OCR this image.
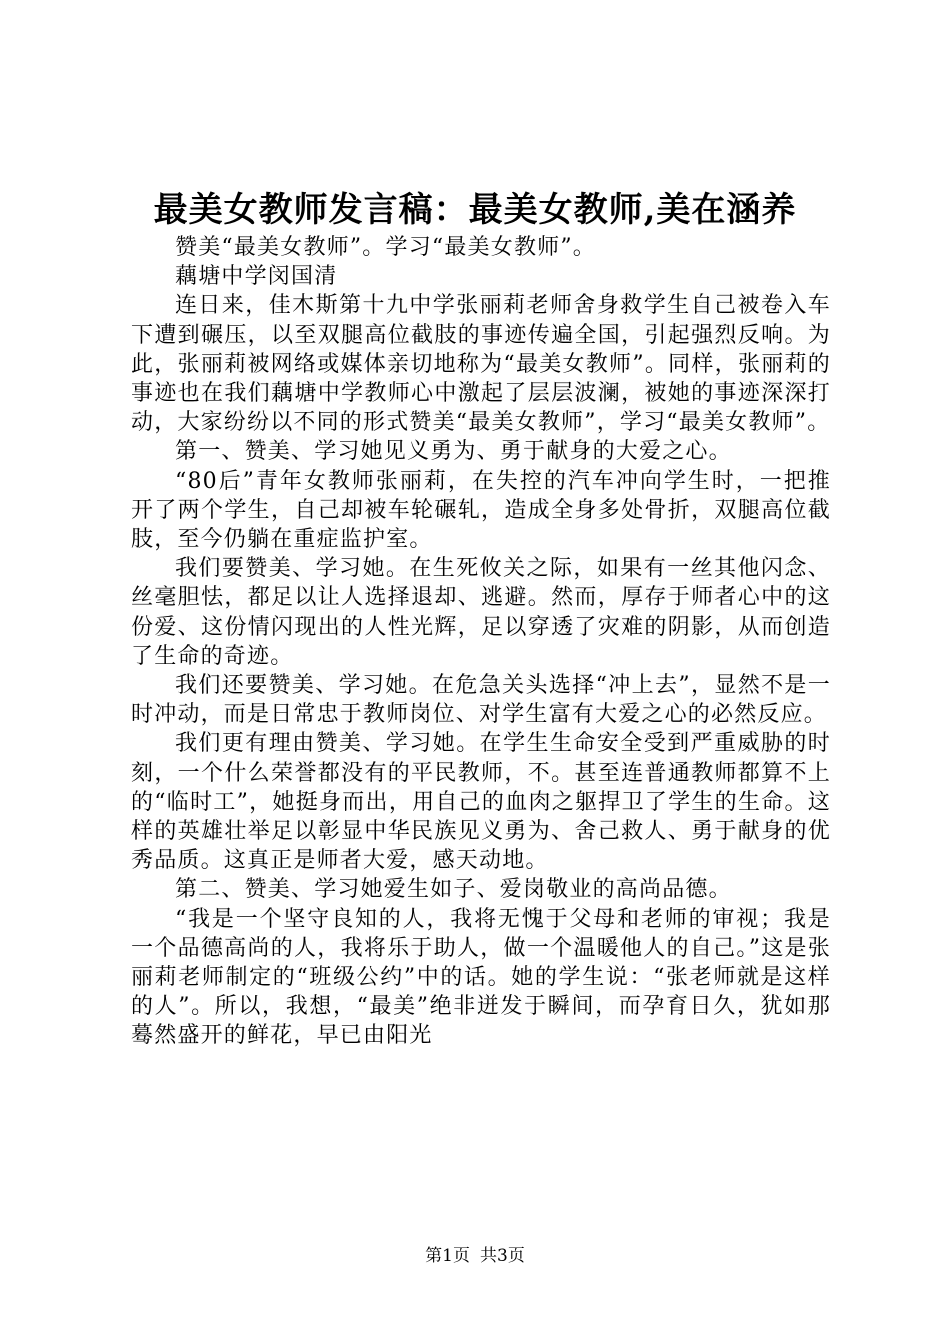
最美女教师发言稿：最美女教师,美在涵养

赞美“最美女教师”。学习“最美女教师”。

藕塘中学闵国清

连日来，佳木斯第十九中学张丽莉老师舍身救学生自己被卷入车下遭到碾压，以至双腿高位截肢的事迹传遍全国，引起强烈反响。为此，张丽莉被网络或媒体亲切地称为“最美女教师”。同样，张丽莉的事迹也在我们藕塘中学教师心中激起了层层波澜，被她的事迹深深打动，大家纷纷以不同的形式赞美“最美女教师”，学习“最美女教师”。

第一、赞美、学习她见义勇为、勇于献身的大爱之心。

“80后”青年女教师张丽莉，在失控的汽车冲向学生时，一把推开了两个学生，自己却被车轮碾轧，造成全身多处骨折，双腿高位截肢，至今仍躺在重症监护室。

我们要赞美、学习她。在生死攸关之际，如果有一丝其他闪念、丝毫胆怯，都足以让人选择退却、逃避。然而，厚存于师者心中的这份爱、这份情闪现出的人性光辉，足以穿透了灾难的阴影，从而创造了生命的奇迹。

我们还要赞美、学习她。在危急关头选择“冲上去”，显然不是一时冲动，而是日常忠于教师岗位、对学生富有大爱之心的必然反应。

我们更有理由赞美、学习她。在学生生命安全受到严重威胁的时刻，一个什么荣誉都没有的平民教师，不。甚至连普通教师都算不上的“临时工”，她挺身而出，用自己的血肉之躯捍卫了学生的生命。这样的英雄壮举足以彰显中华民族见义勇为、舍己救人、勇于献身的优秀品质。这真正是师者大爱，感天动地。

第二、赞美、学习她爱生如子、爱岗敬业的高尚品德。

“我是一个坚守良知的人，我将无愧于父母和老师的审视；我是一个品德高尚的人，我将乐于助人，做一个温暖他人的自己。”这是张丽莉老师制定的“班级公约”中的话。她的学生说：“张老师就是这样的人”。所以，我想，“最美”绝非迸发于瞬间，而孕育日久，犹如那蓦然盛开的鲜花，早已由阳光

第1页 共3页
